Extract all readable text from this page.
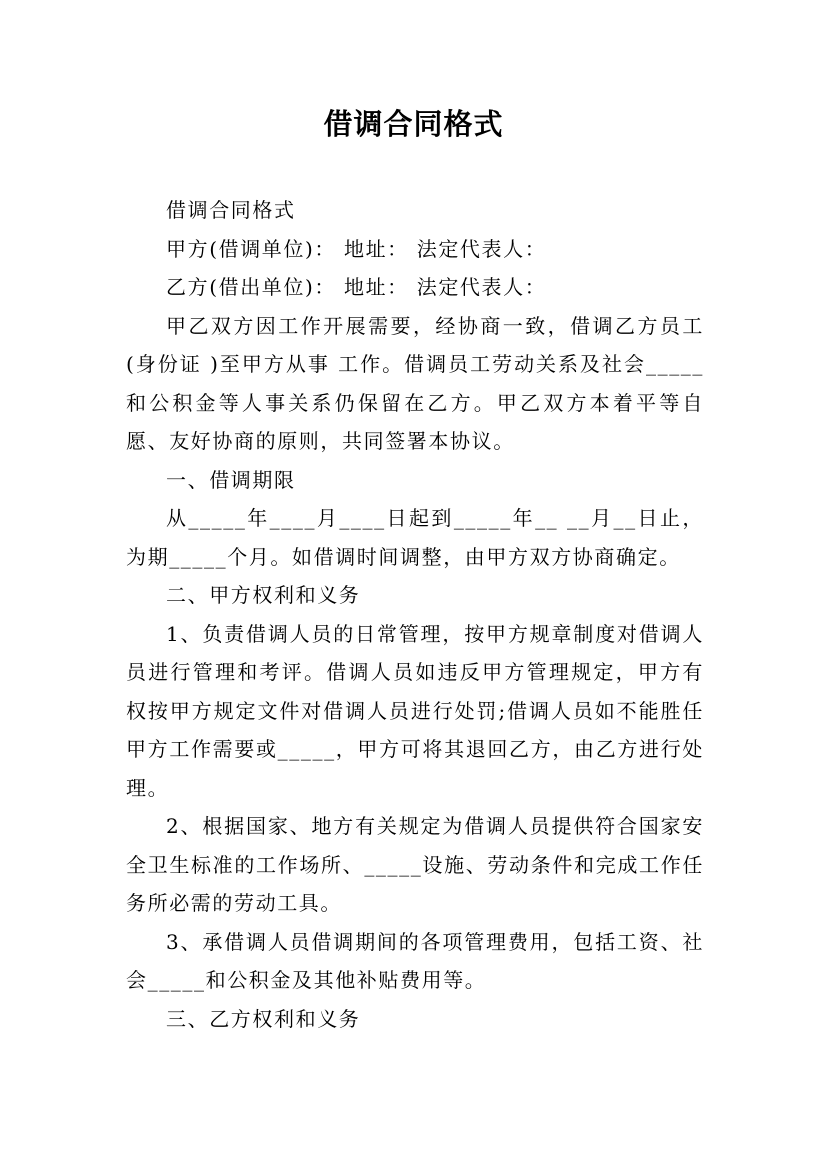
借调合同格式

借调合同格式

甲方(借调单位)： 地址： 法定代表人：

乙方(借出单位)： 地址： 法定代表人：

甲乙双方因工作开展需要，经协商一致，借调乙方员工(身份证 )至甲方从事 工作。借调员工劳动关系及社会_____和公积金等人事关系仍保留在乙方。甲乙双方本着平等自愿、友好协商的原则，共同签署本协议。

一、借调期限

从_____年____月____日起到_____年__ __月__日止，为期_____个月。如借调时间调整，由甲方双方协商确定。

二、甲方权利和义务

1、负责借调人员的日常管理，按甲方规章制度对借调人员进行管理和考评。借调人员如违反甲方管理规定，甲方有权按甲方规定文件对借调人员进行处罚;借调人员如不能胜任甲方工作需要或_____，甲方可将其退回乙方，由乙方进行处理。

2、根据国家、地方有关规定为借调人员提供符合国家安全卫生标准的工作场所、_____设施、劳动条件和完成工作任务所必需的劳动工具。

3、承借调人员借调期间的各项管理费用，包括工资、社会_____和公积金及其他补贴费用等。

三、乙方权利和义务
